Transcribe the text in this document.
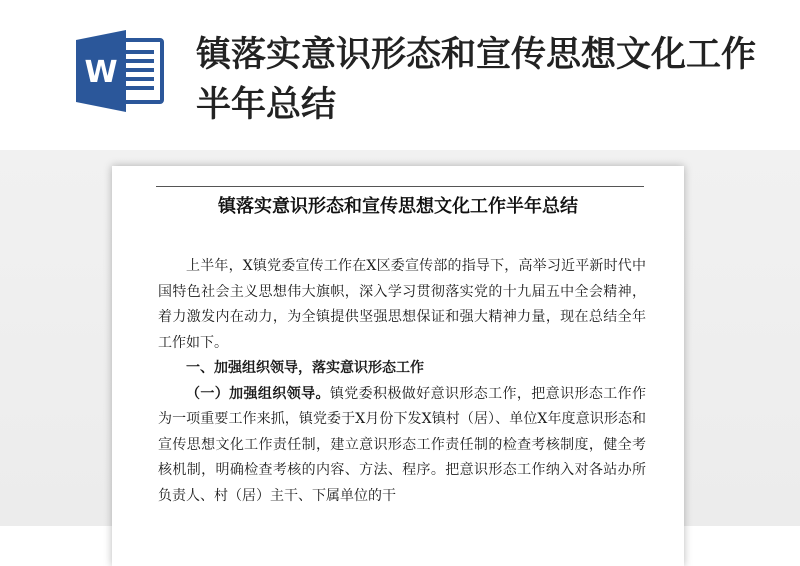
W 镇落实意识形态和宣传思想文化工作半年总结
镇落实意识形态和宣传思想文化工作半年总结

上半年，X镇党委宣传工作在X区委宣传部的指导下，高举习近平新时代中国特色社会主义思想伟大旗帜，深入学习贯彻落实党的十九届五中全会精神，着力激发内在动力，为全镇提供坚强思想保证和强大精神力量，现在总结全年工作如下。

一、加强组织领导，落实意识形态工作

（一）加强组织领导。镇党委积极做好意识形态工作，把意识形态工作作为一项重要工作来抓，镇党委于X月份下发X镇村（居）、单位X年度意识形态和宣传思想文化工作责任制，建立意识形态工作责任制的检查考核制度，健全考核机制，明确检查考核的内容、方法、程序。把意识形态工作纳入对各站办所负责人、村（居）主干、下属单位的干
